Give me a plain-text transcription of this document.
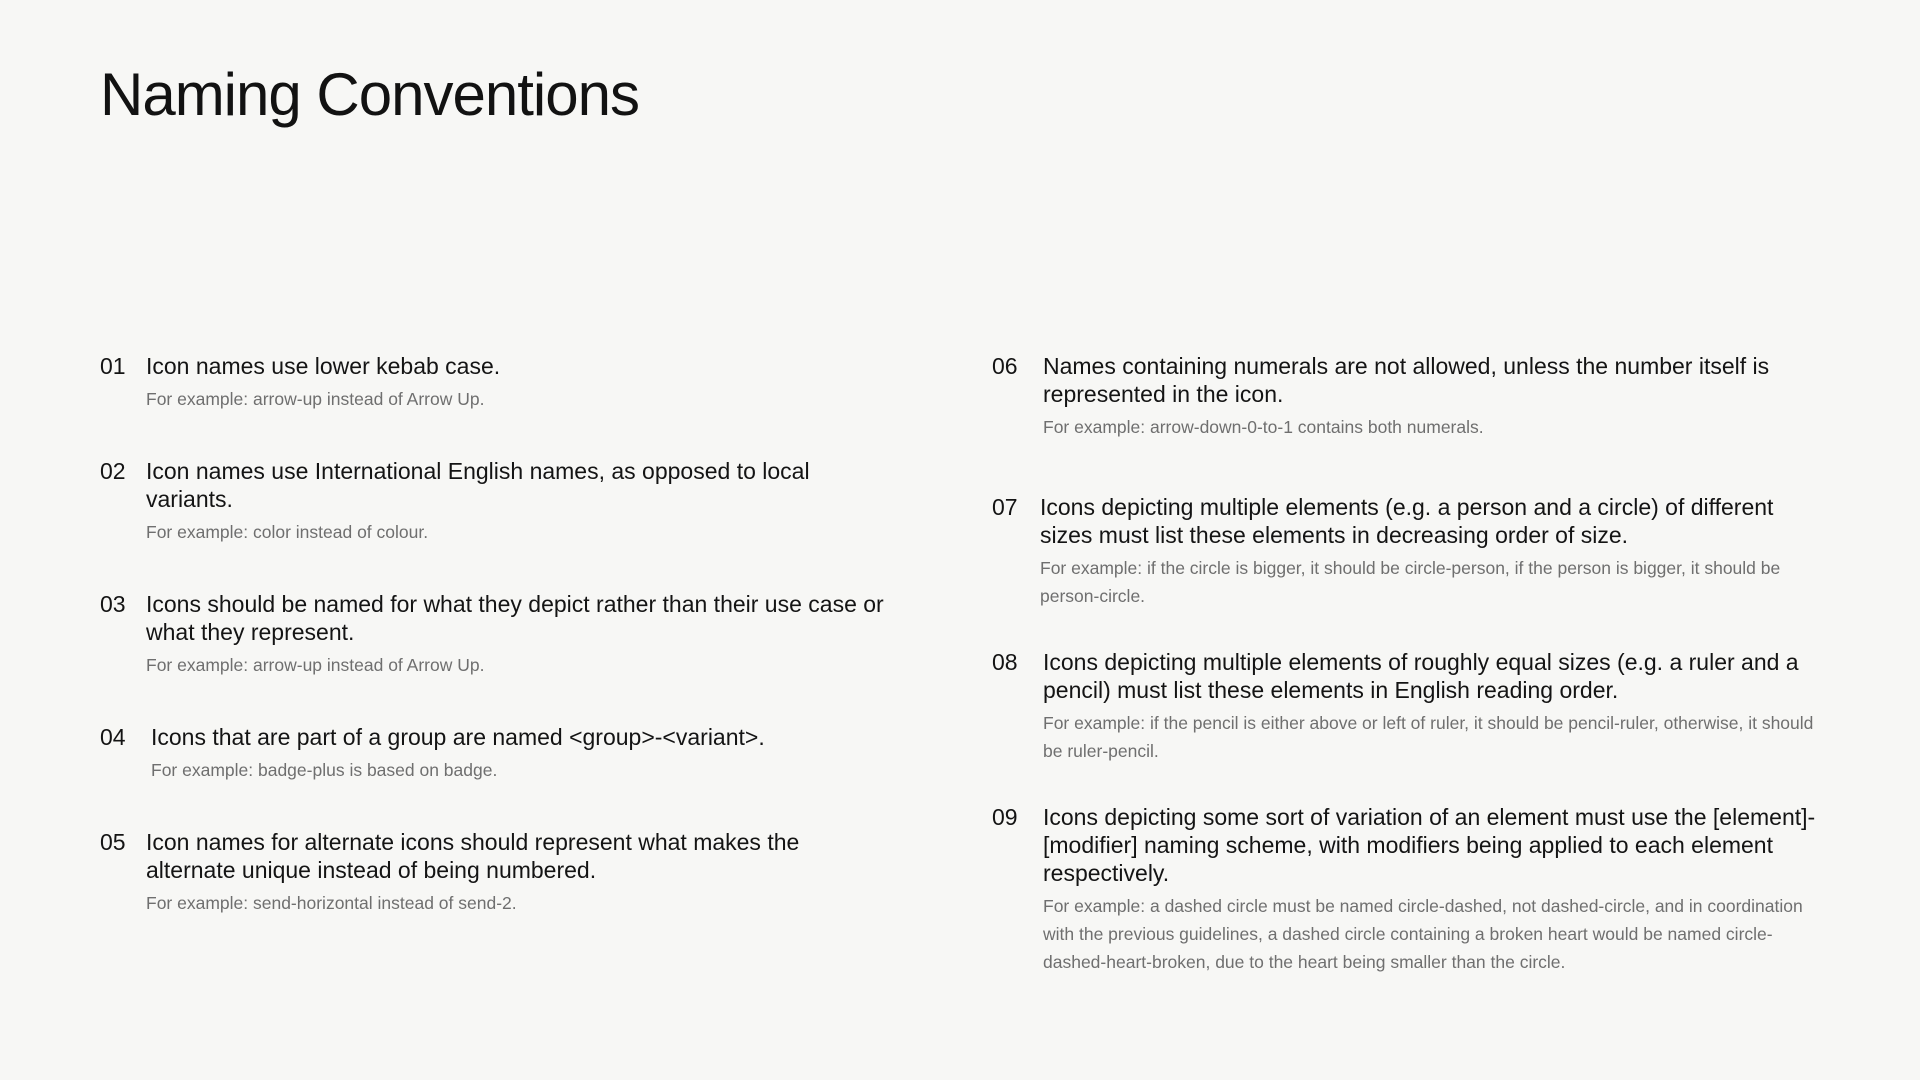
Naming Conventions
01 Icon names use lower kebab case.

For example: arrow-up instead of Arrow Up.

02 Icon names use International English names, as opposed to local variants.

For example: color instead of colour.

03 Icons should be named for what they depict rather than their use case or what they represent.

For example: arrow-up instead of Arrow Up.

04	Icons that are part of a group are named <group>-<variant>.

For example: badge-plus is based on badge.

05 Icon names for alternate icons should represent what makes the alternate unique instead of being numbered.

For example: send-horizontal instead of send-2.

06	Names containing numerals are not allowed, unless the number itself is represented in the icon.

For example: arrow-down-0-to-1 contains both numerals.

07 Icons depicting multiple elements (e.g. a person and a circle) of different sizes must list these elements in decreasing order of size.

For example: if the circle is bigger, it should be circle-person, if the person is bigger, it should be person-circle.

08	Icons depicting multiple elements of roughly equal sizes (e.g. a ruler and a pencil) must list these elements in English reading order.

For example: if the pencil is either above or left of ruler, it should be pencil-ruler, otherwise, it should be ruler-pencil.

09	Icons depicting some sort of variation of an element must use the [element]-[modifier] naming scheme, with modifiers being applied to each element respectively.

For example: a dashed circle must be named circle-dashed, not dashed-circle, and in coordination with the previous guidelines, a dashed circle containing a broken heart would be named circle-dashed-heart-broken, due to the heart being smaller than the circle.
